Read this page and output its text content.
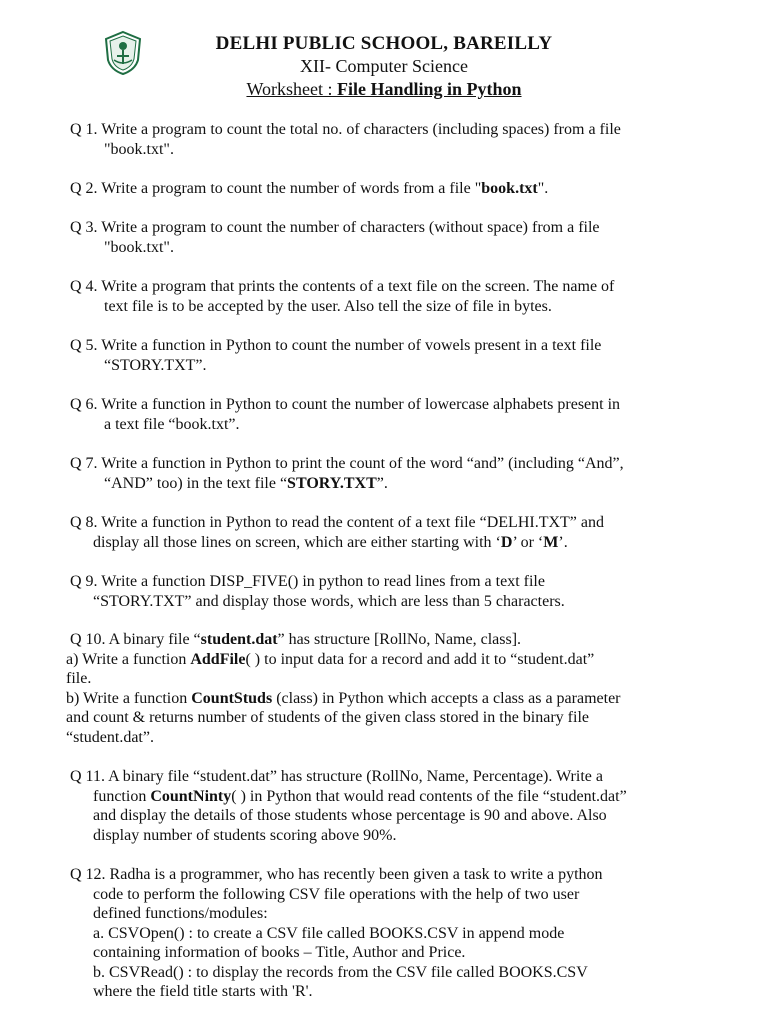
DELHI PUBLIC SCHOOL, BAREILLY
XII- Computer Science
Worksheet : File Handling in Python
Q 1. Write a program to count the total no. of characters (including spaces) from a file
"book.txt".
Q 2. Write a program to count the number of words from a file "book.txt".
Q 3. Write a program to count the number of characters (without space) from a file
"book.txt".
Q 4. Write a program that prints the contents of a text file on the screen. The name of
text file is to be accepted by the user. Also tell the size of file in bytes.
Q 5. Write a function in Python to count the number of vowels present in a text file
“STORY.TXT”.
Q 6. Write a function in Python to count the number of lowercase alphabets present in
a text file “book.txt”.
Q 7. Write a function in Python to print the count of the word “and” (including “And”,
“AND” too) in the text file “STORY.TXT”.
Q 8. Write a function in Python to read the content of a text file “DELHI.TXT” and
display all those lines on screen, which are either starting with ‘D’ or ‘M’.
Q 9. Write a function DISP_FIVE() in python to read lines from a text file
“STORY.TXT” and display those words, which are less than 5 characters.
Q 10. A binary file “student.dat” has structure [RollNo, Name, class].
a) Write a function AddFile( ) to input data for a record and add it to “student.dat”
file.
b) Write a function CountStuds (class) in Python which accepts a class as a parameter
and count & returns number of students of the given class stored in the binary file
“student.dat”.
Q 11. A binary file “student.dat” has structure (RollNo, Name, Percentage). Write a
function CountNinty( ) in Python that would read contents of the file “student.dat”
and display the details of those students whose percentage is 90 and above. Also
display number of students scoring above 90%.
Q 12. Radha is a programmer, who has recently been given a task to write a python
code to perform the following CSV file operations with the help of two user
defined functions/modules:
a. CSVOpen() : to create a CSV file called BOOKS.CSV in append mode
containing information of books – Title, Author and Price.
b. CSVRead() : to display the records from the CSV file called BOOKS.CSV
where the field title starts with 'R'.
